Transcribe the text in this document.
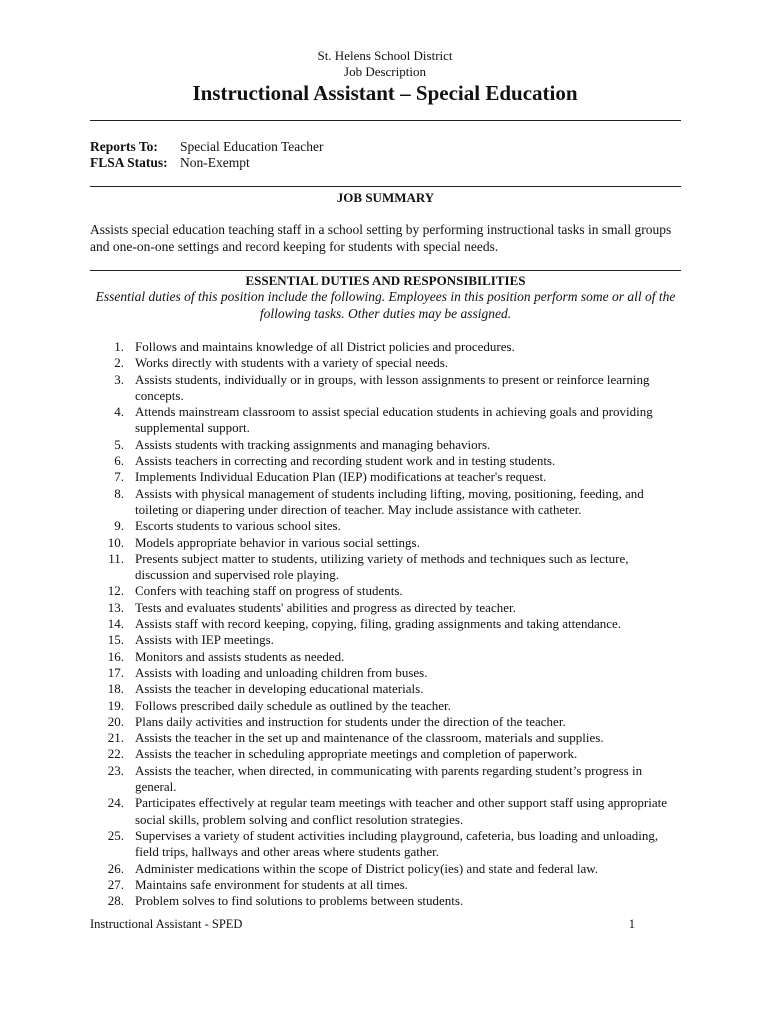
St. Helens School District
Job Description
Instructional Assistant – Special Education
Reports To: Special Education Teacher
FLSA Status: Non-Exempt
JOB SUMMARY
Assists special education teaching staff in a school setting by performing instructional tasks in small groups and one-on-one settings and record keeping for students with special needs.
ESSENTIAL DUTIES AND RESPONSIBILITIES
Essential duties of this position include the following. Employees in this position perform some or all of the following tasks. Other duties may be assigned.
1. Follows and maintains knowledge of all District policies and procedures.
2. Works directly with students with a variety of special needs.
3. Assists students, individually or in groups, with lesson assignments to present or reinforce learning concepts.
4. Attends mainstream classroom to assist special education students in achieving goals and providing supplemental support.
5. Assists students with tracking assignments and managing behaviors.
6. Assists teachers in correcting and recording student work and in testing students.
7. Implements Individual Education Plan (IEP) modifications at teacher's request.
8. Assists with physical management of students including lifting, moving, positioning, feeding, and toileting or diapering under direction of teacher. May include assistance with catheter.
9. Escorts students to various school sites.
10. Models appropriate behavior in various social settings.
11. Presents subject matter to students, utilizing variety of methods and techniques such as lecture, discussion and supervised role playing.
12. Confers with teaching staff on progress of students.
13. Tests and evaluates students' abilities and progress as directed by teacher.
14. Assists staff with record keeping, copying, filing, grading assignments and taking attendance.
15. Assists with IEP meetings.
16. Monitors and assists students as needed.
17. Assists with loading and unloading children from buses.
18. Assists the teacher in developing educational materials.
19. Follows prescribed daily schedule as outlined by the teacher.
20. Plans daily activities and instruction for students under the direction of the teacher.
21. Assists the teacher in the set up and maintenance of the classroom, materials and supplies.
22. Assists the teacher in scheduling appropriate meetings and completion of paperwork.
23. Assists the teacher, when directed, in communicating with parents regarding student’s progress in general.
24. Participates effectively at regular team meetings with teacher and other support staff using appropriate social skills, problem solving and conflict resolution strategies.
25. Supervises a variety of student activities including playground, cafeteria, bus loading and unloading, field trips, hallways and other areas where students gather.
26. Administer medications within the scope of District policy(ies) and state and federal law.
27. Maintains safe environment for students at all times.
28. Problem solves to find solutions to problems between students.
Instructional Assistant - SPED	1
